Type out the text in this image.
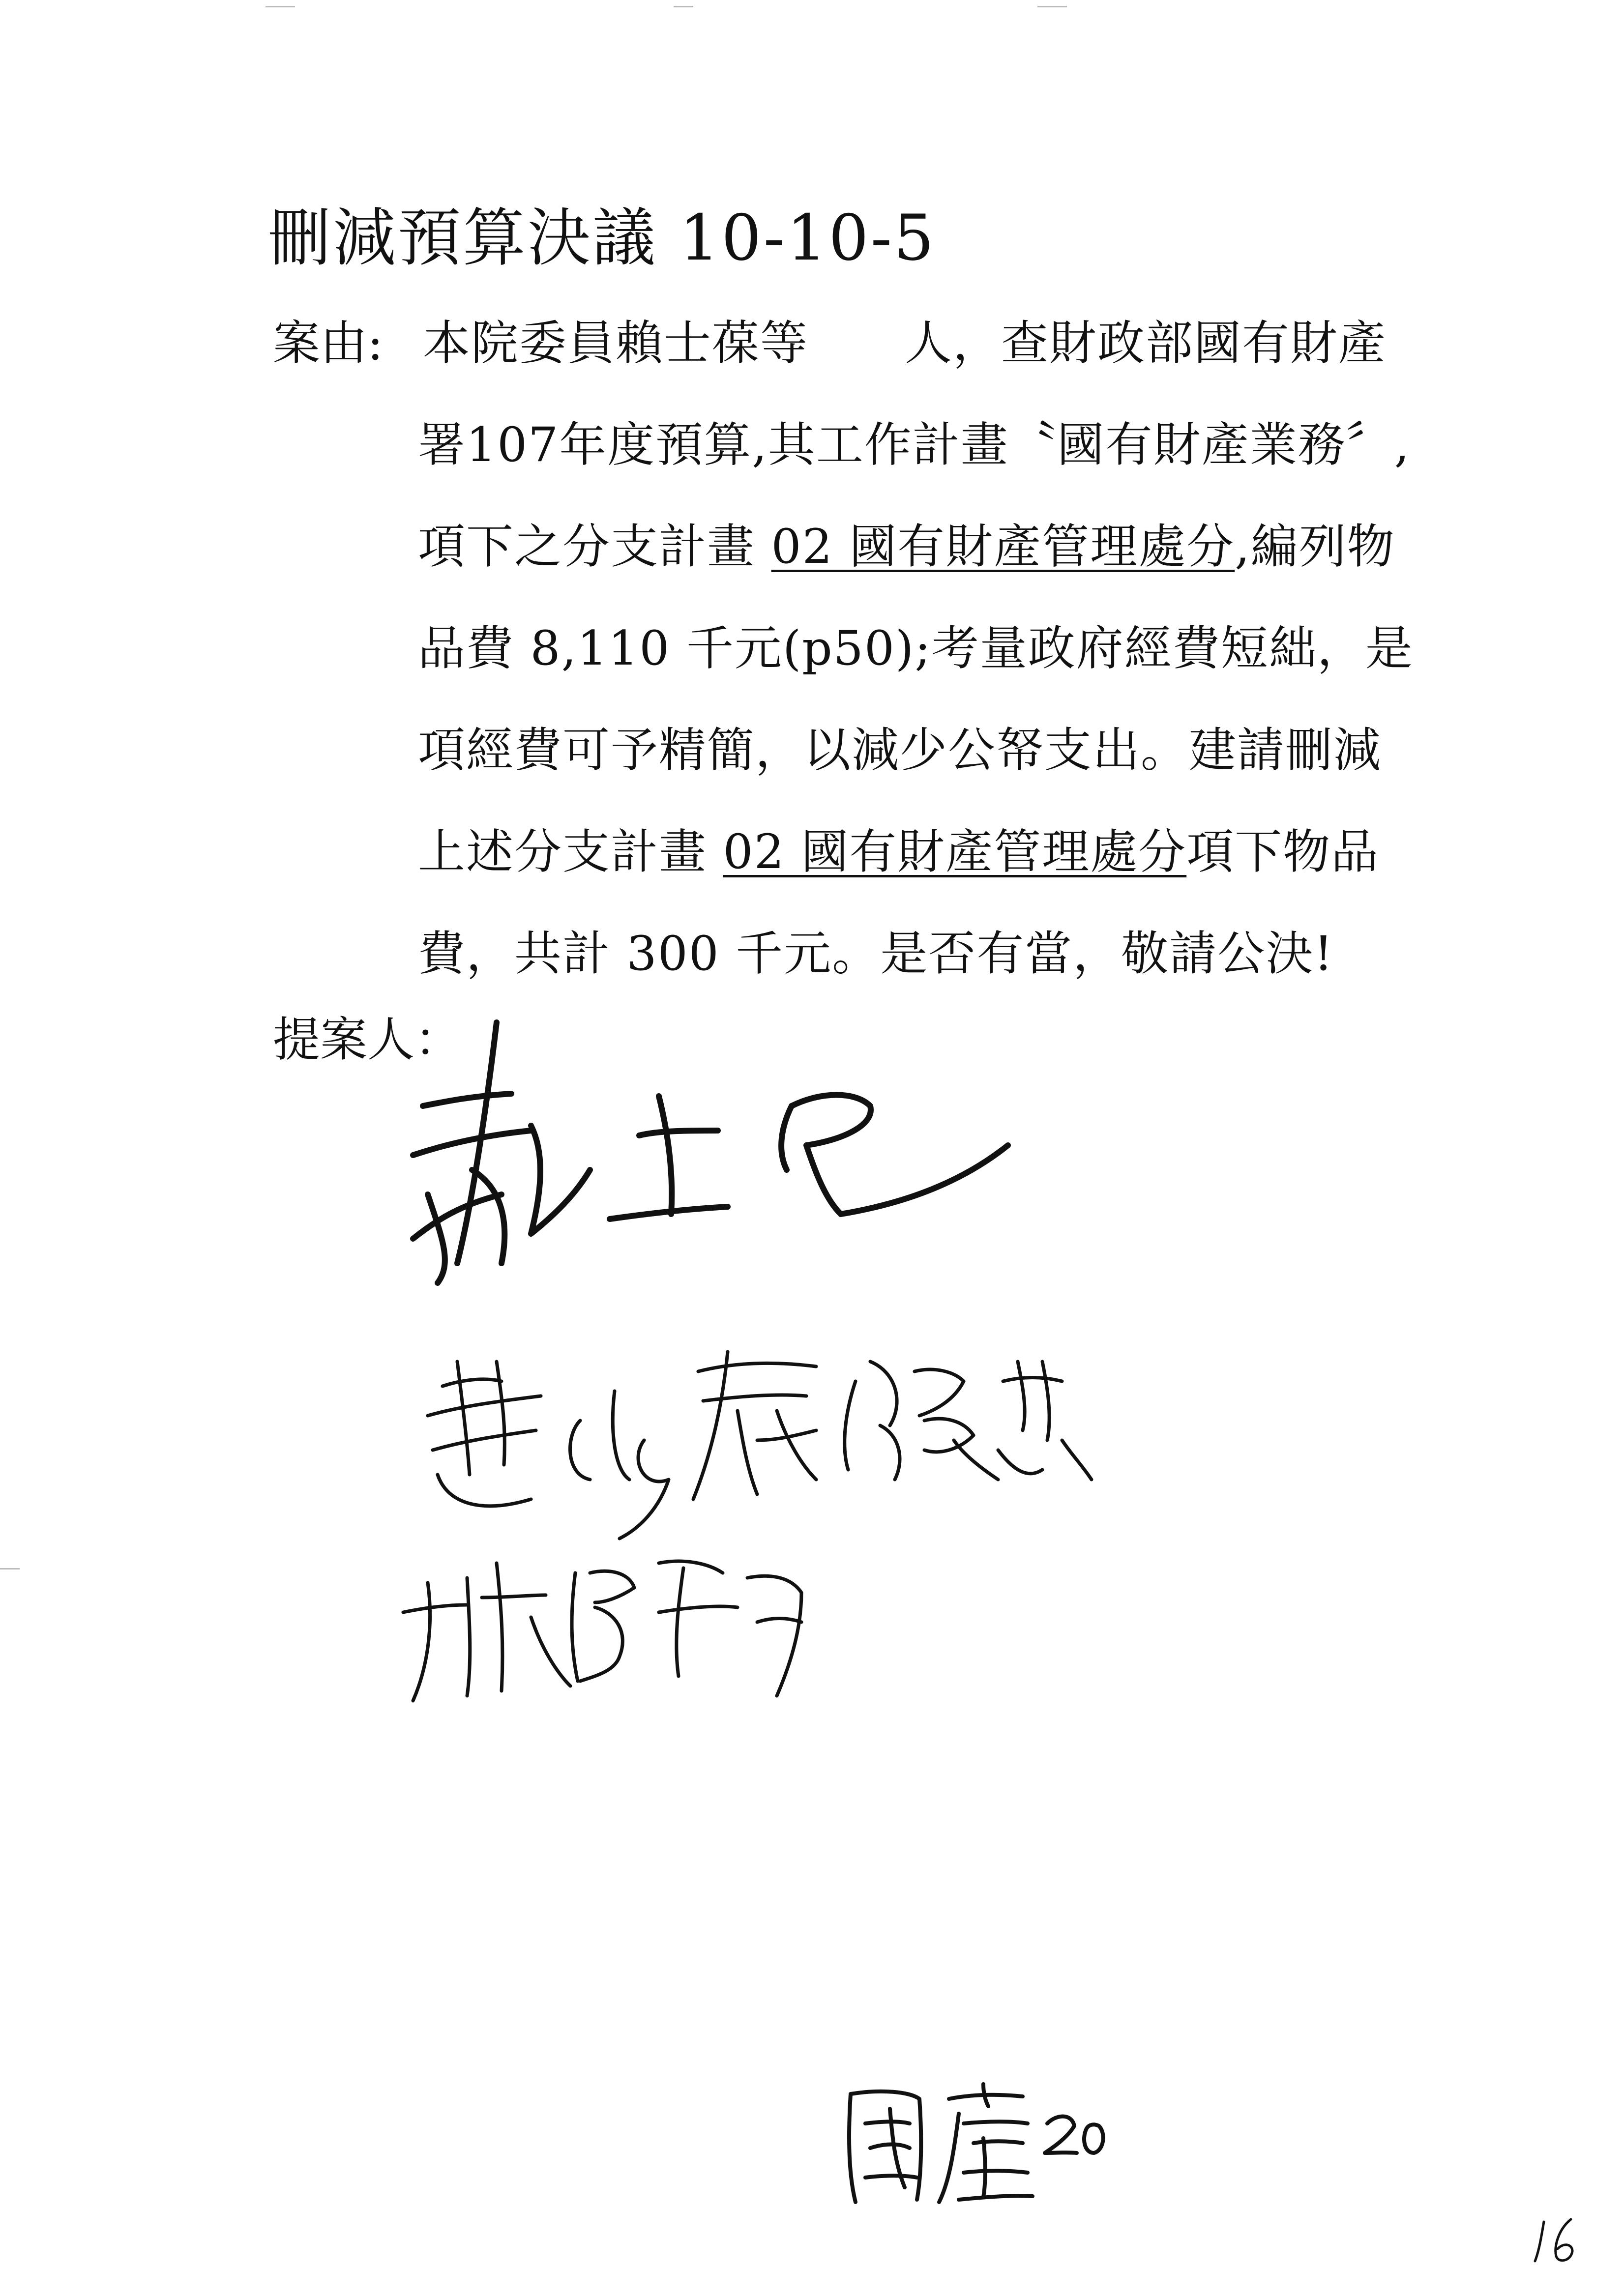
刪減預算決議 10-10-5
案由: 本院委員賴士葆等　　人，查財政部國有財產
署107年度預算,其工作計畫〝國有財產業務〞,
項下之分支計畫 02 國有財產管理處分,編列物
品費 8,110 千元(p50);考量政府經費短絀，是
項經費可予精簡，以減少公帑支出。建請刪減
上述分支計畫 02 國有財產管理處分項下物品
費，共計 300 千元。是否有當，敬請公決!
提案人：
